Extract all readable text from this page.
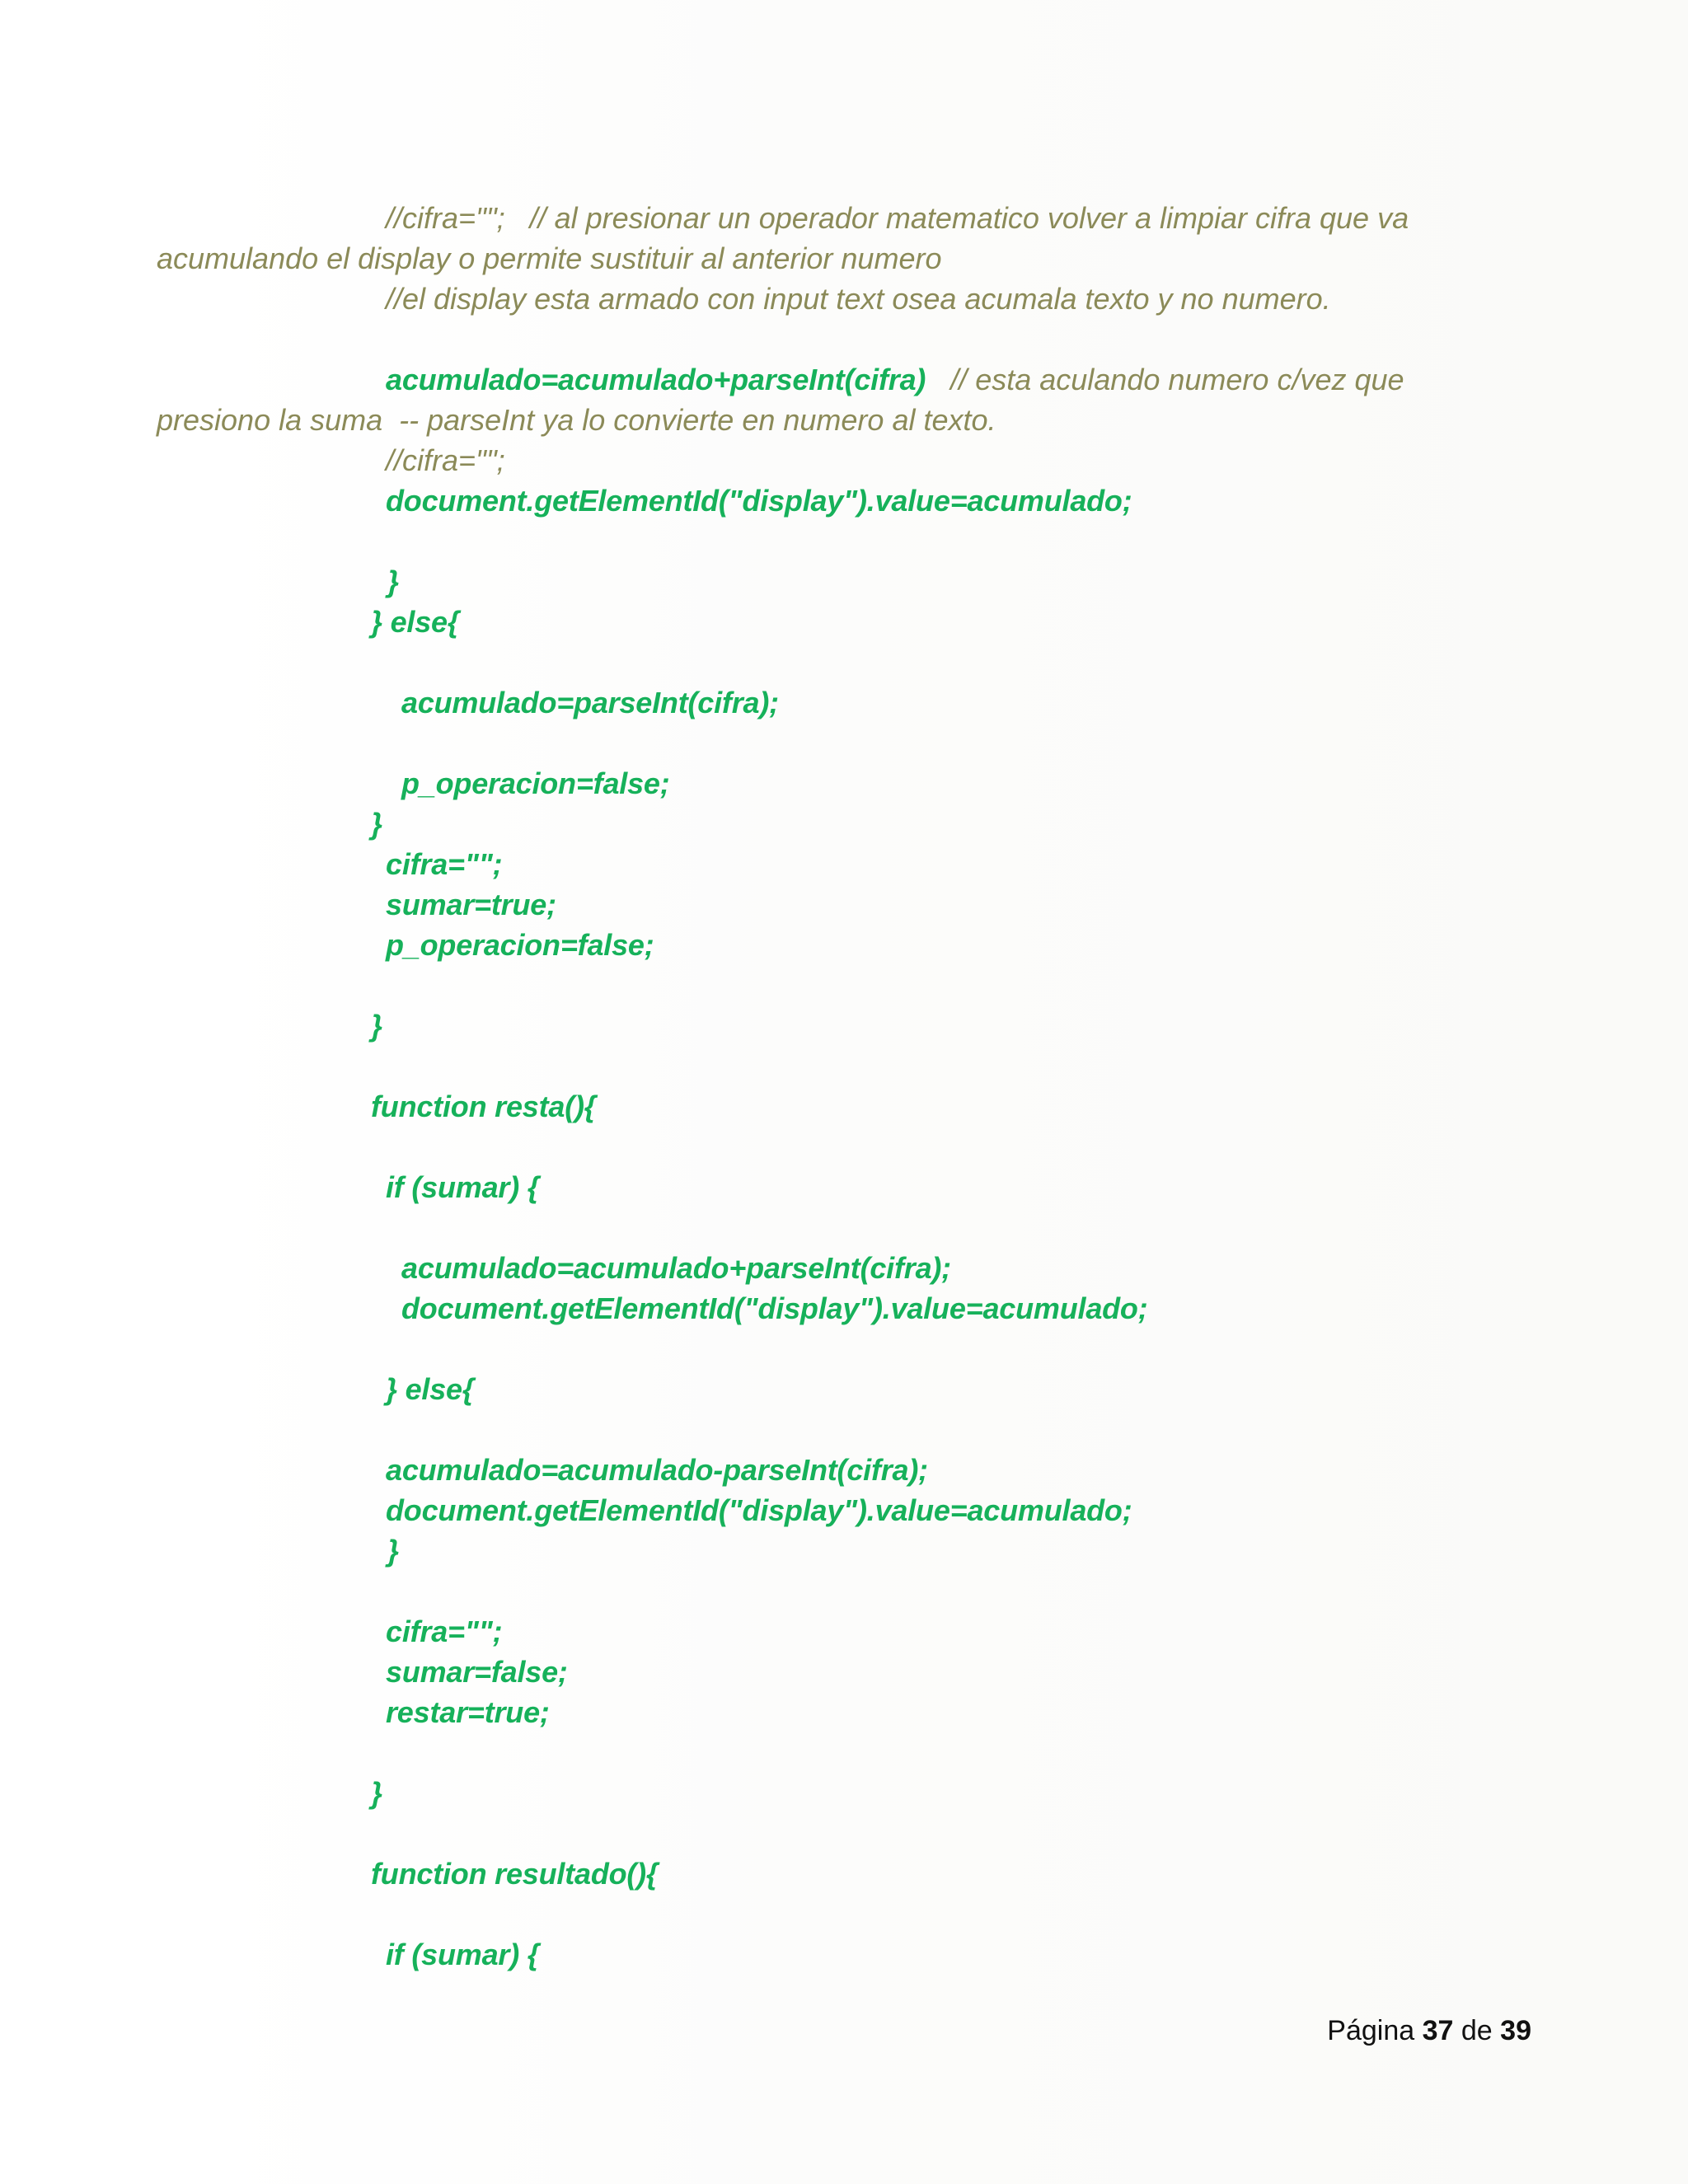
//cifra="";   // al presionar un operador matematico volver a limpiar cifra que va
acumulando el display o permite sustituir al anterior numero
//el display esta armado con input text osea acumala texto y no numero.
acumulado=acumulado+parseInt(cifra)   // esta aculando numero c/vez que
presiono la suma  -- parseInt ya lo convierte en numero al texto.
//cifra="";
document.getElementId("display").value=acumulado;
}
} else{
acumulado=parseInt(cifra);
p_operacion=false;
}
cifra="";
sumar=true;
p_operacion=false;
}
function resta(){
if (sumar) {
acumulado=acumulado+parseInt(cifra);
document.getElementId("display").value=acumulado;
} else{
acumulado=acumulado-parseInt(cifra);
document.getElementId("display").value=acumulado;
}
cifra="";
sumar=false;
restar=true;
}
function resultado(){
if (sumar) {
Página 37 de 39
